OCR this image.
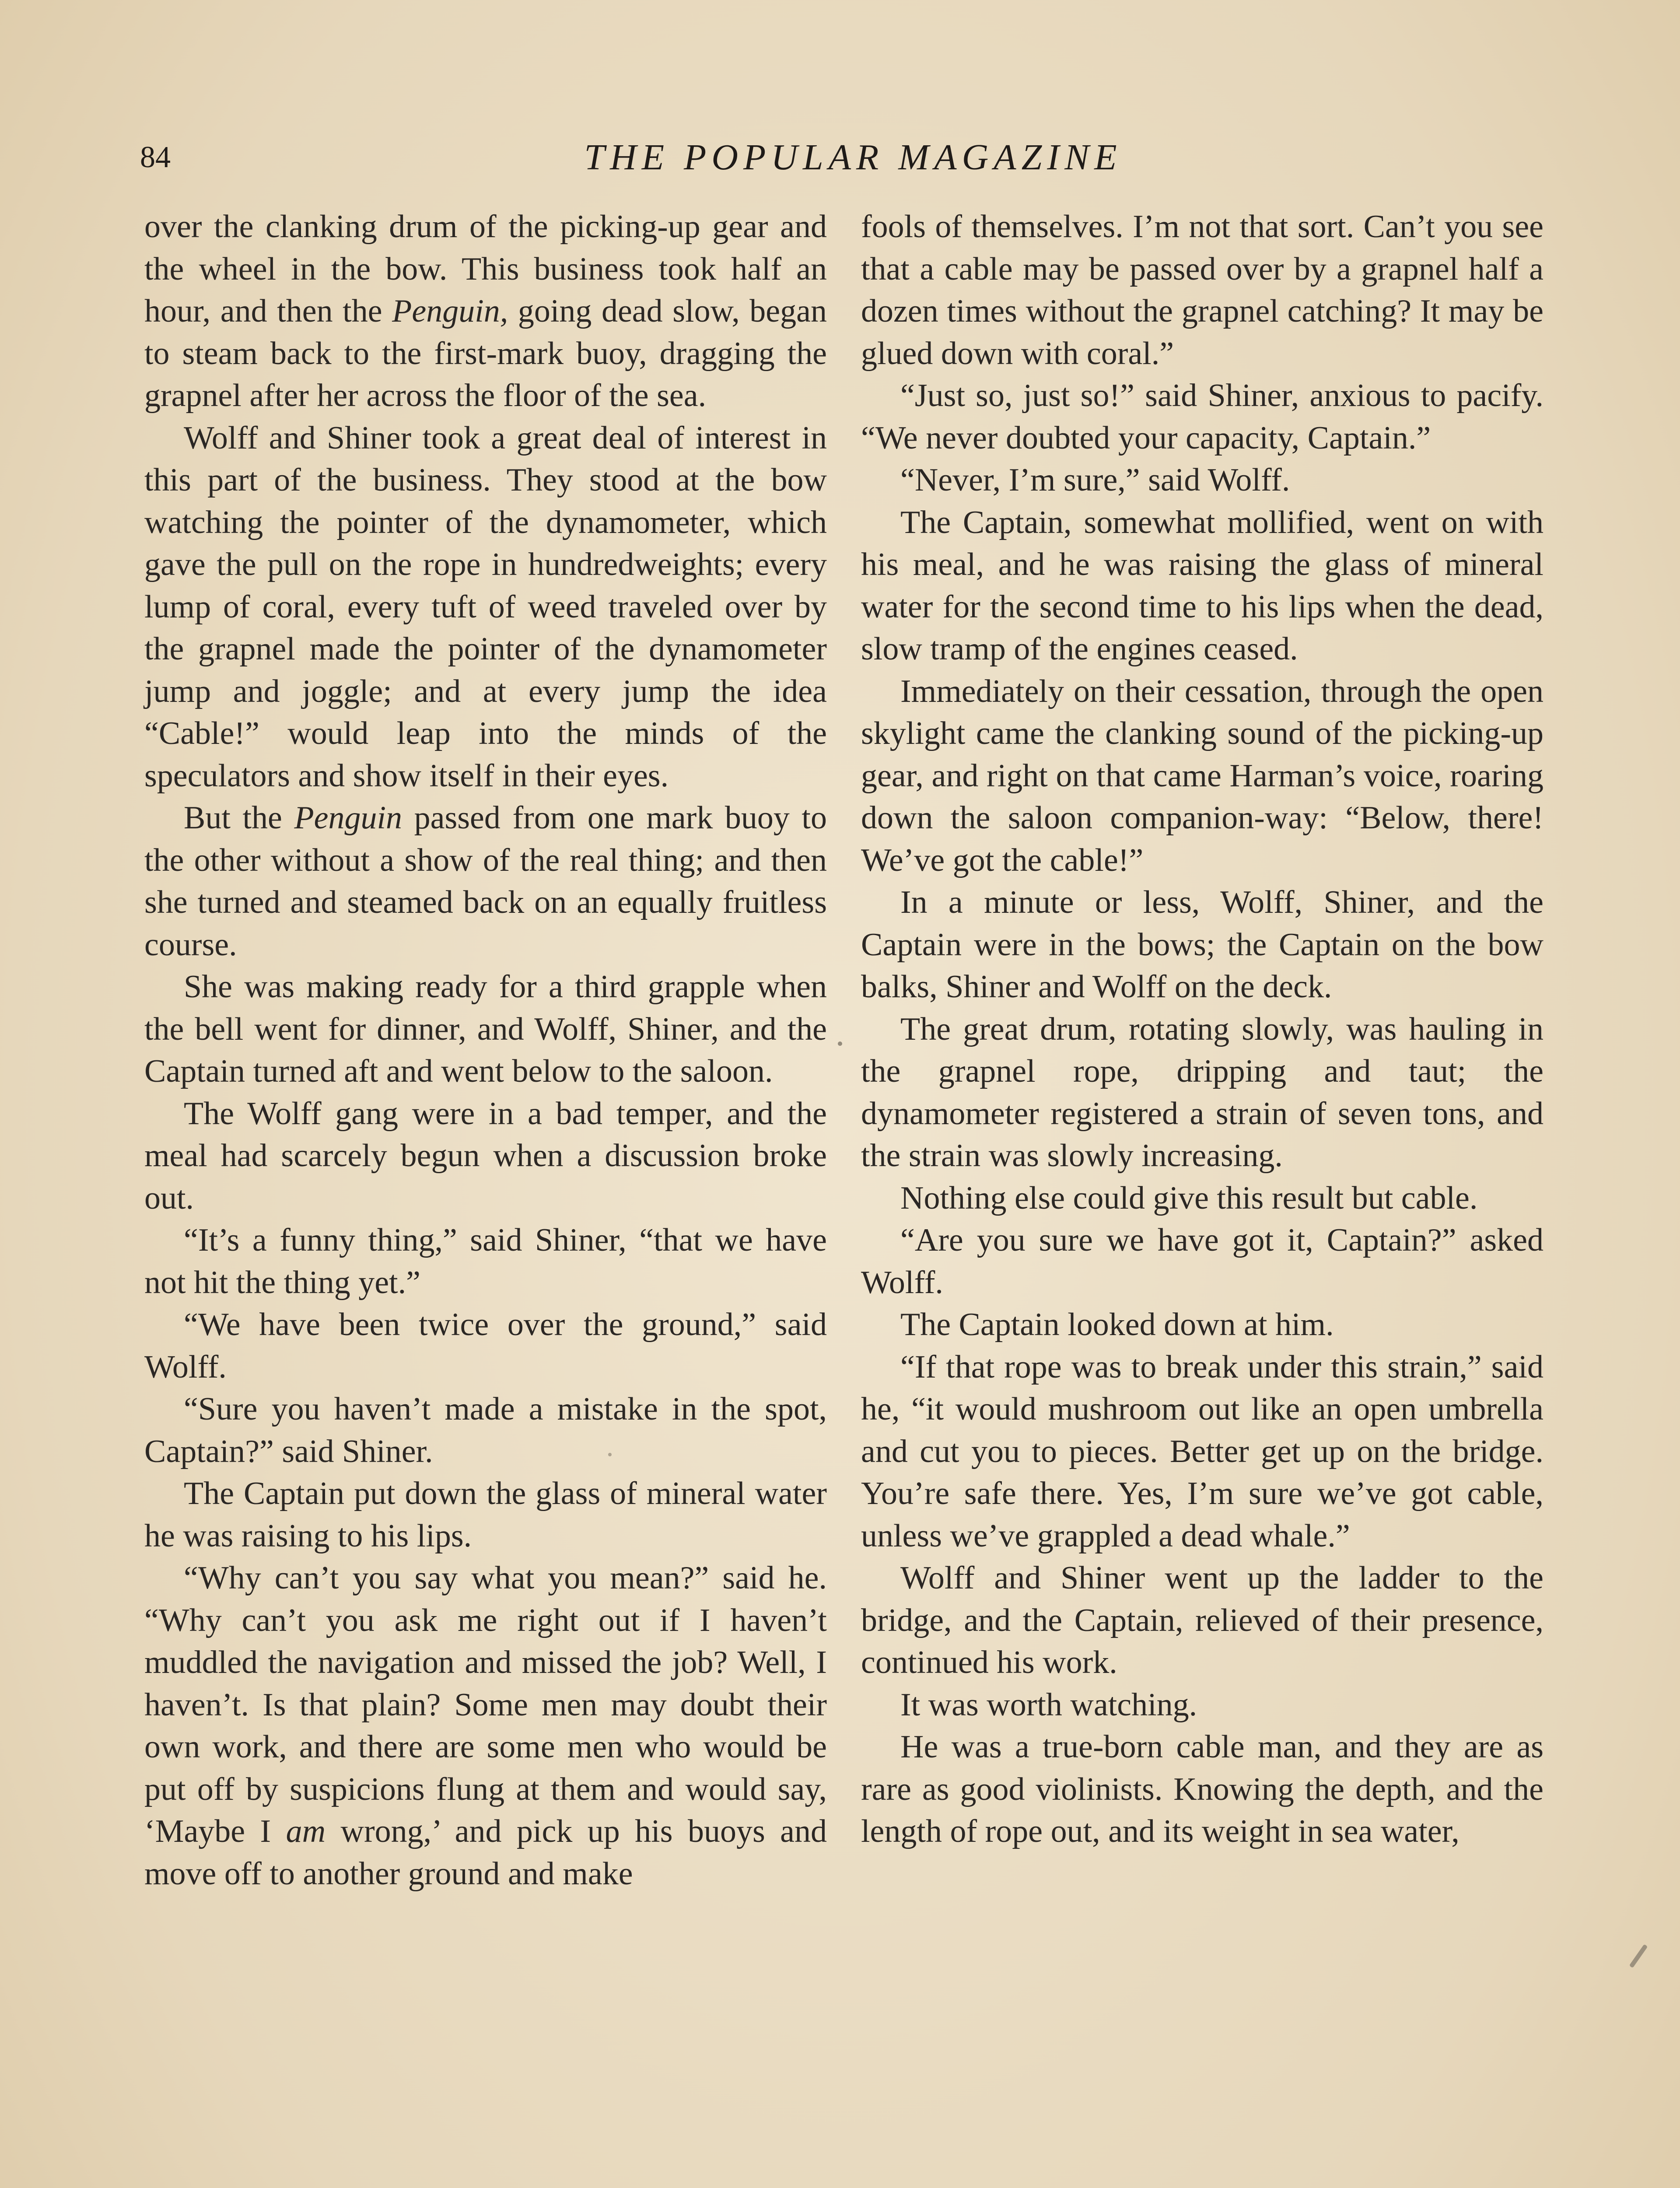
84	THE POPULAR MAGAZINE

over the clanking drum of the picking-up gear and the wheel in the bow. This business took half an hour, and then the Penguin, going dead slow, began to steam back to the first-mark buoy, dragging the grapnel after her across the floor of the sea.

Wolff and Shiner took a great deal of interest in this part of the business. They stood at the bow watching the pointer of the dynamometer, which gave the pull on the rope in hundredweights; every lump of coral, every tuft of weed traveled over by the grapnel made the pointer of the dynamometer jump and joggle; and at every jump the idea “Cable!” would leap into the minds of the speculators and show itself in their eyes.

But the Penguin passed from one mark buoy to the other without a show of the real thing; and then she turned and steamed back on an equally fruitless course.

She was making ready for a third grapple when the bell went for dinner, and Wolff, Shiner, and the Captain turned aft and went below to the saloon.

The Wolff gang were in a bad temper, and the meal had scarcely begun when a discussion broke out.

“It’s a funny thing,” said Shiner, “that we have not hit the thing yet.”

“We have been twice over the ground,” said Wolff.

“Sure you haven’t made a mistake in the spot, Captain?” said Shiner.

The Captain put down the glass of mineral water he was raising to his lips.

“Why can’t you say what you mean?” said he. “Why can’t you ask me right out if I haven’t muddled the navigation and missed the job? Well, I haven’t. Is that plain? Some men may doubt their own work, and there are some men who would be put off by suspicions flung at them and would say, ‘Maybe I am wrong,’ and pick up his buoys and move off to another ground and make

fools of themselves. I’m not that sort. Can’t you see that a cable may be passed over by a grapnel half a dozen times without the grapnel catching? It may be glued down with coral.”

“Just so, just so!” said Shiner, anxious to pacify. “We never doubted your capacity, Captain.”

“Never, I’m sure,” said Wolff.

The Captain, somewhat mollified, went on with his meal, and he was raising the glass of mineral water for the second time to his lips when the dead, slow tramp of the engines ceased.

Immediately on their cessation, through the open skylight came the clanking sound of the picking-up gear, and right on that came Harman’s voice, roaring down the saloon companion-way: “Below, there! We’ve got the cable!”

In a minute or less, Wolff, Shiner, and the Captain were in the bows; the Captain on the bow balks, Shiner and Wolff on the deck.

The great drum, rotating slowly, was hauling in the grapnel rope, dripping and taut; the dynamometer registered a strain of seven tons, and the strain was slowly increasing.

Nothing else could give this result but cable.

“Are you sure we have got it, Captain?” asked Wolff.

The Captain looked down at him.

“If that rope was to break under this strain,” said he, “it would mushroom out like an open umbrella and cut you to pieces. Better get up on the bridge. You’re safe there. Yes, I’m sure we’ve got cable, unless we’ve grappled a dead whale.”

Wolff and Shiner went up the ladder to the bridge, and the Captain, relieved of their presence, continued his work.

It was worth watching.

He was a true-born cable man, and they are as rare as good violinists. Knowing the depth, and the length of rope out, and its weight in sea water,
